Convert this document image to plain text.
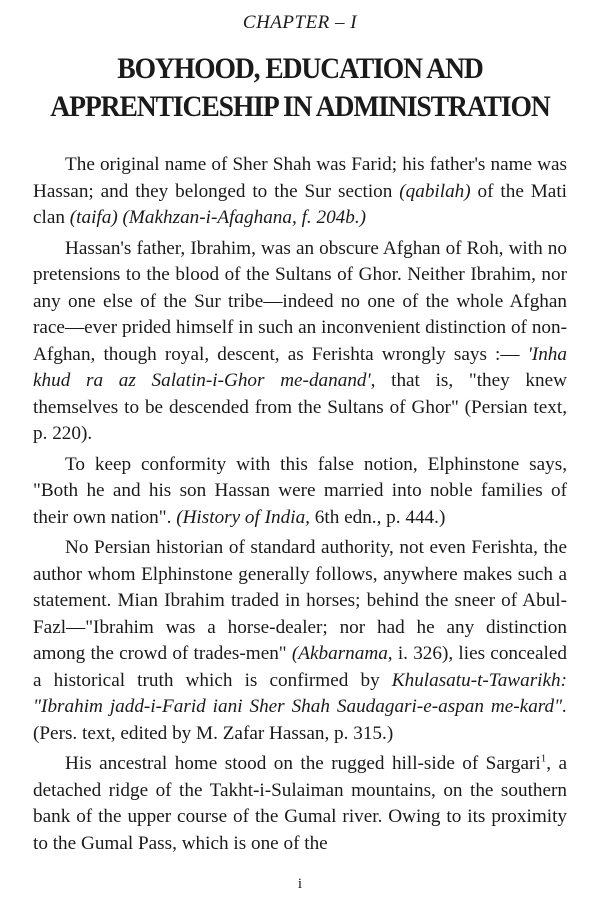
CHAPTER – I
BOYHOOD, EDUCATION AND
APPRENTICESHIP IN ADMINISTRATION

The original name of Sher Shah was Farid; his father's name was Hassan; and they belonged to the Sur section (qabilah) of the Mati clan (taifa) (Makhzan-i-Afaghana, f. 204b.)

Hassan's father, Ibrahim, was an obscure Afghan of Roh, with no pretensions to the blood of the Sultans of Ghor. Neither Ibrahim, nor any one else of the Sur tribe—indeed no one of the whole Afghan race—ever prided himself in such an inconvenient distinction of non-Afghan, though royal, descent, as Ferishta wrongly says :— 'Inha khud ra az Salatin-i-Ghor me-danand', that is, "they knew themselves to be descended from the Sultans of Ghor" (Persian text, p. 220).

To keep conformity with this false notion, Elphinstone says, "Both he and his son Hassan were married into noble families of their own nation". (History of India, 6th edn., p. 444.)

No Persian historian of standard authority, not even Ferishta, the author whom Elphinstone generally follows, anywhere makes such a statement. Mian Ibrahim traded in horses; behind the sneer of Abul-Fazl—"Ibrahim was a horse-dealer; nor had he any distinction among the crowd of trades-men" (Akbarnama, i. 326), lies concealed a historical truth which is confirmed by Khulasatu-t-Tawarikh: "Ibrahim jadd-i-Farid iani Sher Shah Saudagari-e-aspan me-kard". (Pers. text, edited by M. Zafar Hassan, p. 315.)

His ancestral home stood on the rugged hill-side of Sargari$^1$, a detached ridge of the Takht-i-Sulaiman mountains, on the southern bank of the upper course of the Gumal river. Owing to its proximity to the Gumal Pass, which is one of the

i
